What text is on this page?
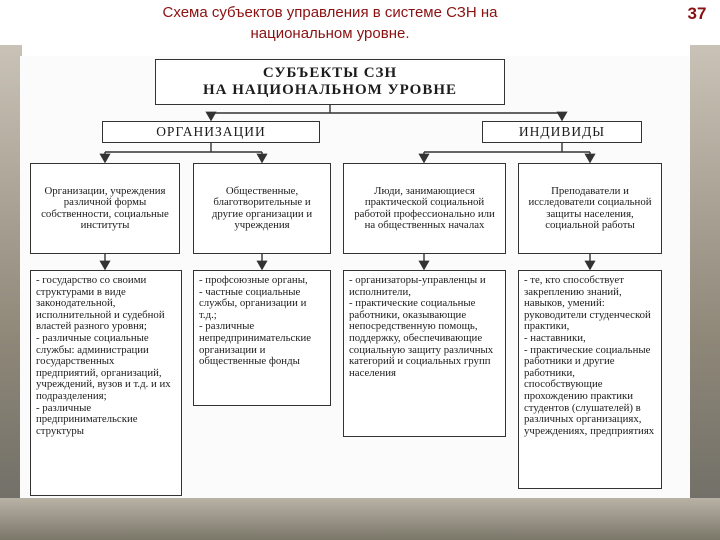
Схема субъектов управления в системе СЗН на национальном уровне.
37
СУБЪЕКТЫ СЗН
НА НАЦИОНАЛЬНОМ УРОВНЕ
ОРГАНИЗАЦИИ	ИНДИВИДЫ
Организации, учреждения различной формы собственности, социальные институты
Общественные, благотворительные и другие организации и учреждения
Люди, занимающиеся практической социальной работой профессионально или на общественных началах
Преподаватели и исследователи социальной защиты населения, социальной работы

- государство со своими структурами в виде законодательной, исполнительной и судебной властей разного уровня;

- различные социальные службы: администрации государственных предприятий, организаций, учреждений, вузов и т.д. и их подразделения;

- различные предпринимательские структуры

- профсоюзные органы,

- частные социальные службы, организации и т.д.;

- различные непредпринимательские организации и общественные фонды

- организаторы-управленцы и исполнители,

- практические социальные работники, оказывающие непосредственную помощь, поддержку, обеспечивающие социальную защиту различных категорий и социальных групп населения

- те, кто способствует закреплению знаний, навыков, умений: руководители студенческой практики,

- наставники,

- практические социальные работники и другие работники, способствующие прохождению практики студентов (слушателей) в различных организациях, учреждениях, предприятиях
